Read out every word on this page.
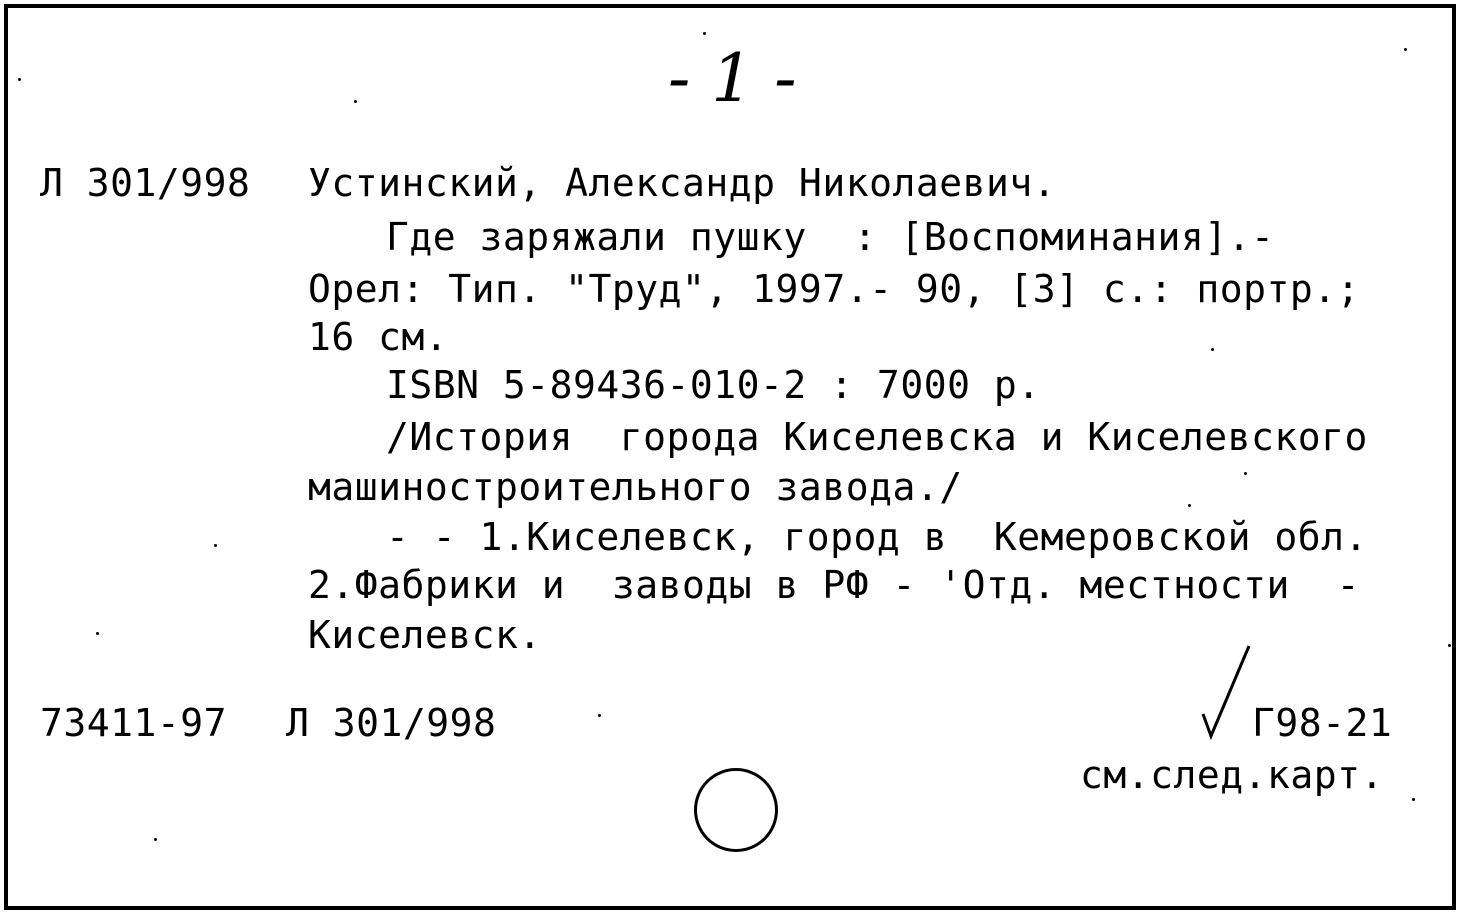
- 1 -
Л 301/998 Устинский, Александр Николаевич.
Где заряжали пушку  : [Воспоминания].-
Орел: Тип. "Труд", 1997.- 90, [3] с.: портр.;
16 см.
ISBN 5-89436-010-2 : 7000 р.
/История  города Киселевска и Киселевского
машиностроительного завода./
- - 1.Киселевск, город в  Кемеровской обл.
2.Фабрики и  заводы в РФ - 'Отд. местности  -
Киселевск.
73411-97 Л 301/998	Г98-21
см.след.карт.
